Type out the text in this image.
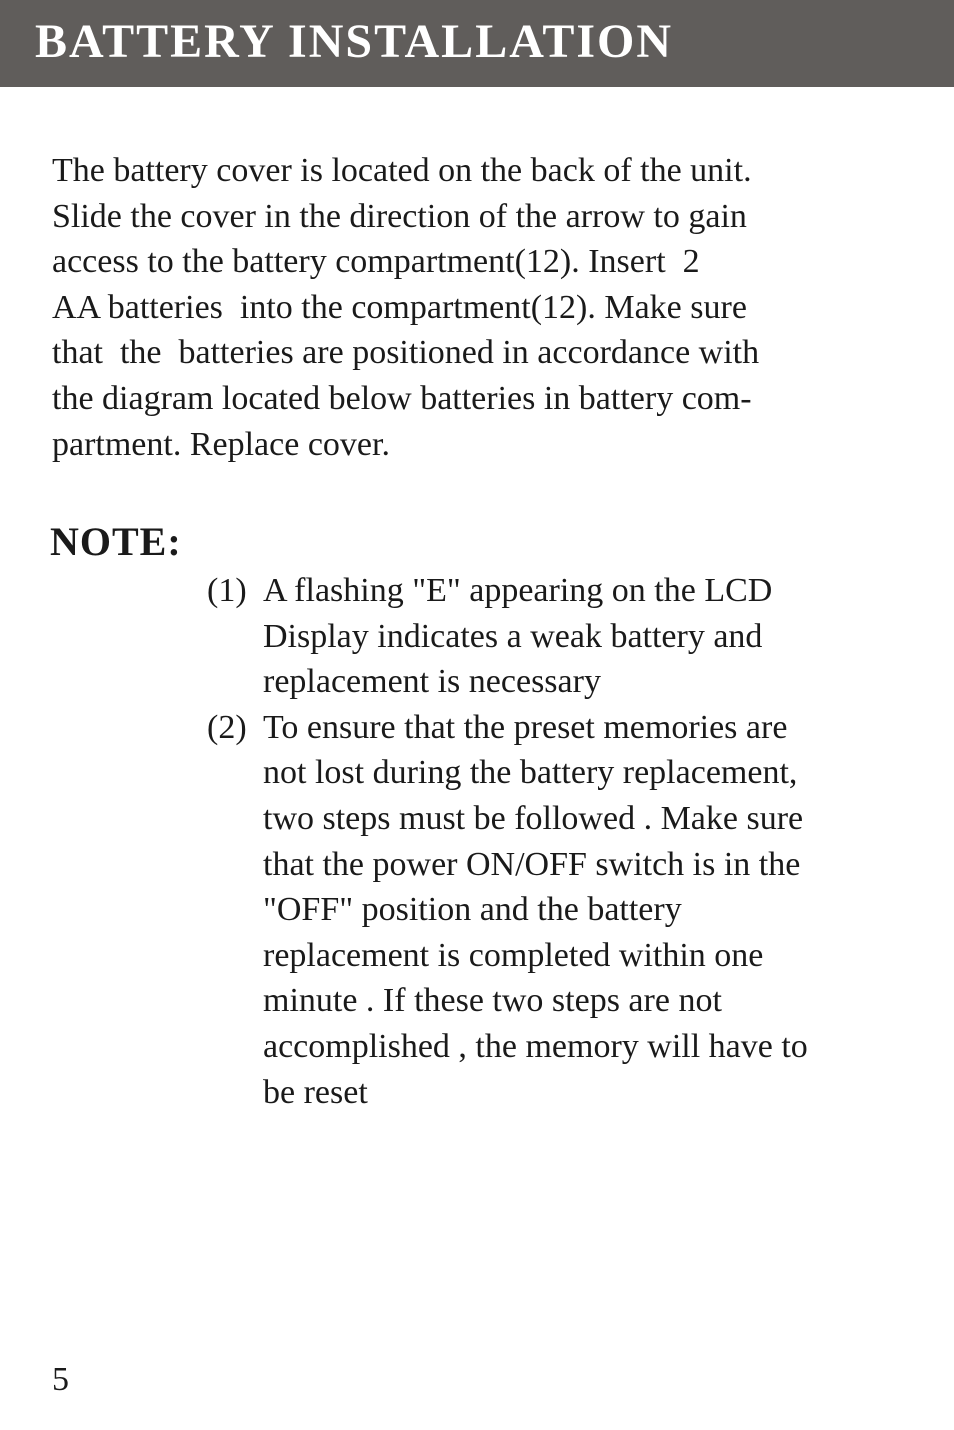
BATTERY INSTALLATION
The battery cover is located on the back of the unit.
Slide the cover in the direction of the arrow to gain
access to the battery compartment(12). Insert  2
AA batteries  into the compartment(12). Make sure
that  the  batteries are positioned in accordance with
the diagram located below batteries in battery com-
partment. Replace cover.
NOTE:
(1) A flashing "E" appearing on the LCD
Display indicates a weak battery and
replacement is necessary
(2) To ensure that the preset memories are
not lost during the battery replacement,
two steps must be followed . Make sure
that the power ON/OFF switch is in the
"OFF" position and the battery
replacement is completed within one
minute . If these two steps are not
accomplished , the memory will have to
be reset
5
